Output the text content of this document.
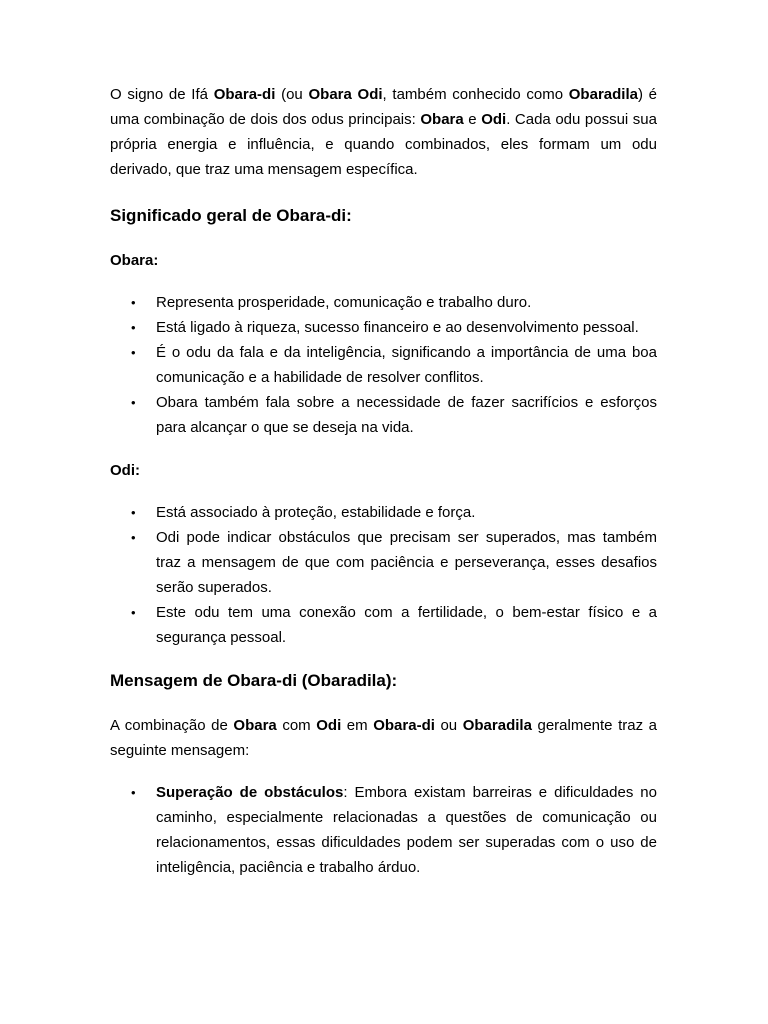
O signo de Ifá Obara-di (ou Obara Odi, também conhecido como Obaradila) é uma combinação de dois dos odus principais: Obara e Odi. Cada odu possui sua própria energia e influência, e quando combinados, eles formam um odu derivado, que traz uma mensagem específica.

Significado geral de Obara-di:

Obara:

• Representa prosperidade, comunicação e trabalho duro.
• Está ligado à riqueza, sucesso financeiro e ao desenvolvimento pessoal.
• É o odu da fala e da inteligência, significando a importância de uma boa comunicação e a habilidade de resolver conflitos.
• Obara também fala sobre a necessidade de fazer sacrifícios e esforços para alcançar o que se deseja na vida.

Odi:

• Está associado à proteção, estabilidade e força.
• Odi pode indicar obstáculos que precisam ser superados, mas também traz a mensagem de que com paciência e perseverança, esses desafios serão superados.
• Este odu tem uma conexão com a fertilidade, o bem-estar físico e a segurança pessoal.
Mensagem de Obara-di (Obaradila):

A combinação de Obara com Odi em Obara-di ou Obaradila geralmente traz a seguinte mensagem:

• Superação de obstáculos: Embora existam barreiras e dificuldades no caminho, especialmente relacionadas a questões de comunicação ou relacionamentos, essas dificuldades podem ser superadas com o uso de inteligência, paciência e trabalho árduo.
